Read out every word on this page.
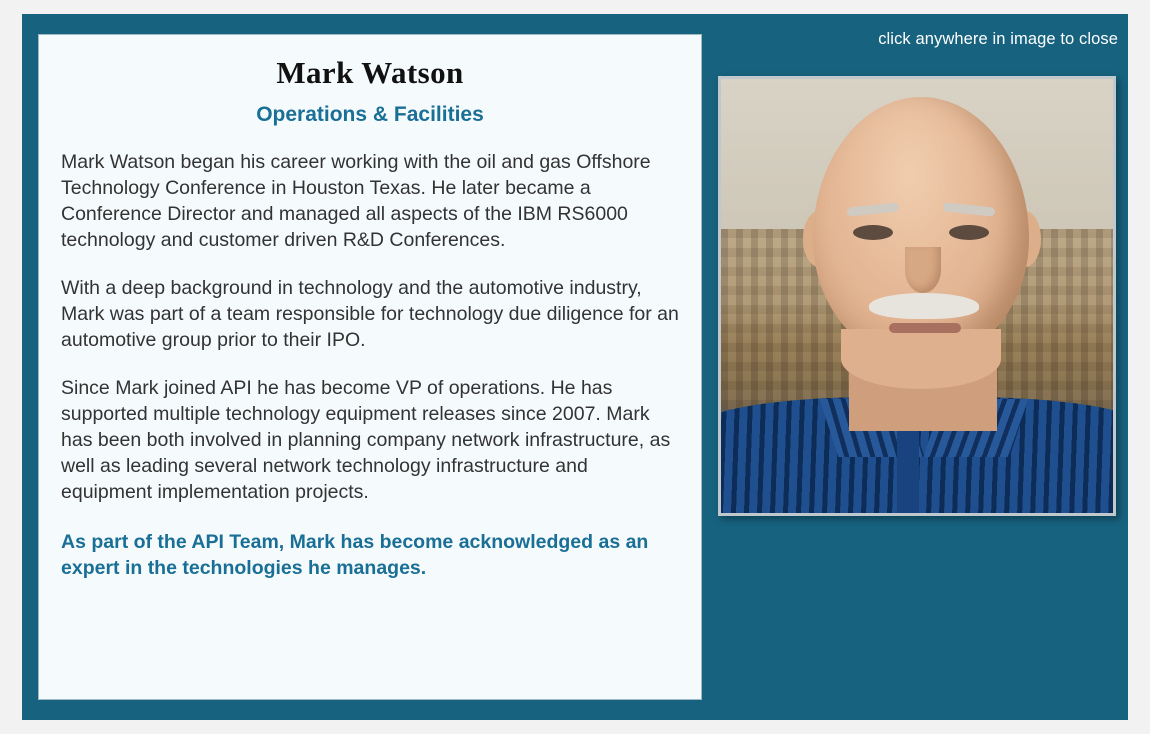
click anywhere in image to close
Mark Watson
Operations & Facilities

Mark Watson began his career working with the oil and gas Offshore Technology Conference in Houston Texas. He later became a Conference Director and managed all aspects of the IBM RS6000 technology and customer driven R&D Conferences.

With a deep background in technology and the automotive industry, Mark was part of a team responsible for technology due diligence for an automotive group prior to their IPO.

Since Mark joined API he has become VP of operations. He has supported multiple technology equipment releases since 2007. Mark has been both involved in planning company network infrastructure, as well as leading several network technology infrastructure and equipment implementation projects.

As part of the API Team, Mark has become acknowledged as an expert in the technologies he manages.
